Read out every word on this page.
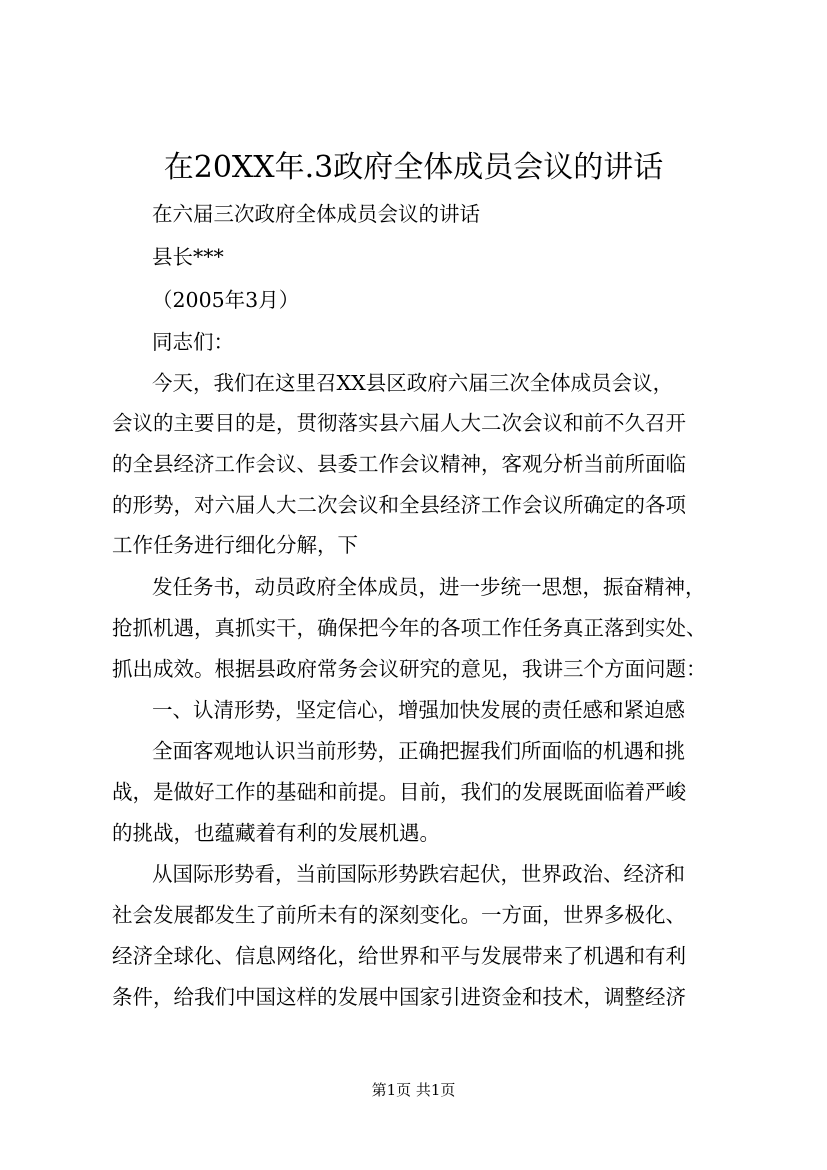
在20XX年.3政府全体成员会议的讲话
在六届三次政府全体成员会议的讲话
县长***
（2005年3月）
同志们：
今天，我们在这里召XX县区政府六届三次全体成员会议，
会议的主要目的是，贯彻落实县六届人大二次会议和前不久召开
的全县经济工作会议、县委工作会议精神，客观分析当前所面临
的形势，对六届人大二次会议和全县经济工作会议所确定的各项
工作任务进行细化分解，下
发任务书，动员政府全体成员，进一步统一思想，振奋精神，
抢抓机遇，真抓实干，确保把今年的各项工作任务真正落到实处、
抓出成效。根据县政府常务会议研究的意见，我讲三个方面问题：
一、认清形势，坚定信心，增强加快发展的责任感和紧迫感
全面客观地认识当前形势，正确把握我们所面临的机遇和挑
战，是做好工作的基础和前提。目前，我们的发展既面临着严峻
的挑战，也蕴藏着有利的发展机遇。
从国际形势看，当前国际形势跌宕起伏，世界政治、经济和
社会发展都发生了前所未有的深刻变化。一方面，世界多极化、
经济全球化、信息网络化，给世界和平与发展带来了机遇和有利
条件，给我们中国这样的发展中国家引进资金和技术，调整经济
第1页 共1页
